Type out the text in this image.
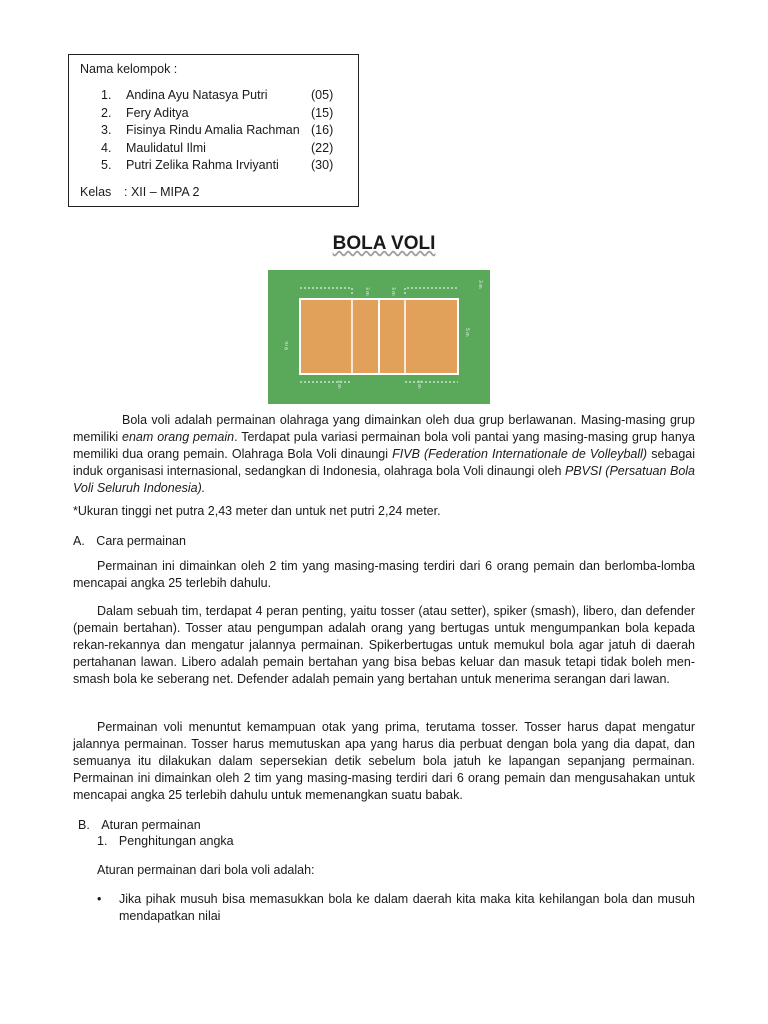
Nama kelompok :
1.	Andina Ayu Natasya Putri	(05)
2.	Fery Aditya	(15)
3.	Fisinya Rindu Amalia Rachman (16)
4.	Maulidatul Ilmi	(22)
5.	Putri Zelika Rahma Irviyanti	(30)
Kelas : XII – MIPA 2
BOLA VOLI
3 m	3 m
9 m
3 m
5 m
3 m	3 m

Bola voli adalah permainan olahraga yang dimainkan oleh dua grup berlawanan. Masing-masing grup memiliki enam orang pemain. Terdapat pula variasi permainan bola voli pantai yang masing-masing grup hanya memiliki dua orang pemain. Olahraga Bola Voli dinaungi FIVB (Federation Internationale de Volleyball) sebagai induk organisasi internasional, sedangkan di Indonesia, olahraga bola Voli dinaungi oleh PBVSI (Persatuan Bola Voli Seluruh Indonesia).

*Ukuran tinggi net putra 2,43 meter dan untuk net putri 2,24 meter.
A. Cara permainan

Permainan ini dimainkan oleh 2 tim yang masing-masing terdiri dari 6 orang pemain dan berlomba-lomba mencapai angka 25 terlebih dahulu.

Dalam sebuah tim, terdapat 4 peran penting, yaitu tosser (atau setter), spiker (smash), libero, dan defender (pemain bertahan). Tosser atau pengumpan adalah orang yang bertugas untuk mengumpankan bola kepada rekan-rekannya dan mengatur jalannya permainan. Spikerbertugas untuk memukul bola agar jatuh di daerah pertahanan lawan. Libero adalah pemain bertahan yang bisa bebas keluar dan masuk tetapi tidak boleh men-smash bola ke seberang net. Defender adalah pemain yang bertahan untuk menerima serangan dari lawan.

Permainan voli menuntut kemampuan otak yang prima, terutama tosser. Tosser harus dapat mengatur jalannya permainan. Tosser harus memutuskan apa yang harus dia perbuat dengan bola yang dia dapat, dan semuanya itu dilakukan dalam sepersekian detik sebelum bola jatuh ke lapangan sepanjang permainan. Permainan ini dimainkan oleh 2 tim yang masing-masing terdiri dari 6 orang pemain dan mengusahakan untuk mencapai angka 25 terlebih dahulu untuk memenangkan suatu babak.

B. Aturan permainan
1. Penghitungan angka
Aturan permainan dari bola voli adalah:
• Jika pihak musuh bisa memasukkan bola ke dalam daerah kita maka kita kehilangan bola dan musuh mendapatkan nilai
